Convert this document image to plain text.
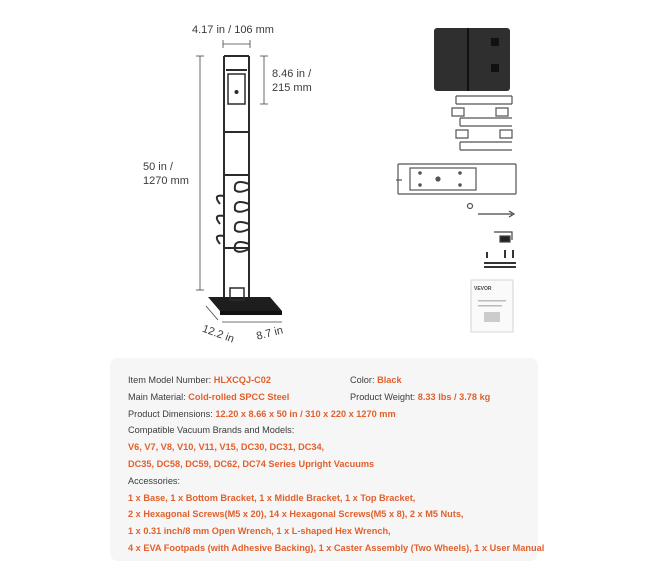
VEVOR
4.17 in / 106 mm
8.46 in /
215 mm
50 in /
1270 mm
12.2 in 8.7 in
Item Model Number: HLXCQJ-C02	Color: Black
Main Material: Cold-rolled SPCC Steel	Product Weight: 8.33 lbs / 3.78 kg
Product Dimensions: 12.20 x 8.66 x 50 in / 310 x 220 x 1270 mm
Compatible Vacuum Brands and Models:
V6, V7, V8, V10, V11, V15, DC30, DC31, DC34,
DC35, DC58, DC59, DC62, DC74 Series Upright Vacuums
Accessories:
1 x Base, 1 x Bottom Bracket, 1 x Middle Bracket, 1 x Top Bracket,
2 x Hexagonal Screws(M5 x 20), 14 x Hexagonal Screws(M5 x 8), 2 x M5 Nuts,
1 x 0.31 inch/8 mm Open Wrench, 1 x L-shaped Hex Wrench,
4 x EVA Footpads (with Adhesive Backing), 1 x Caster Assembly (Two Wheels), 1 x User Manual
